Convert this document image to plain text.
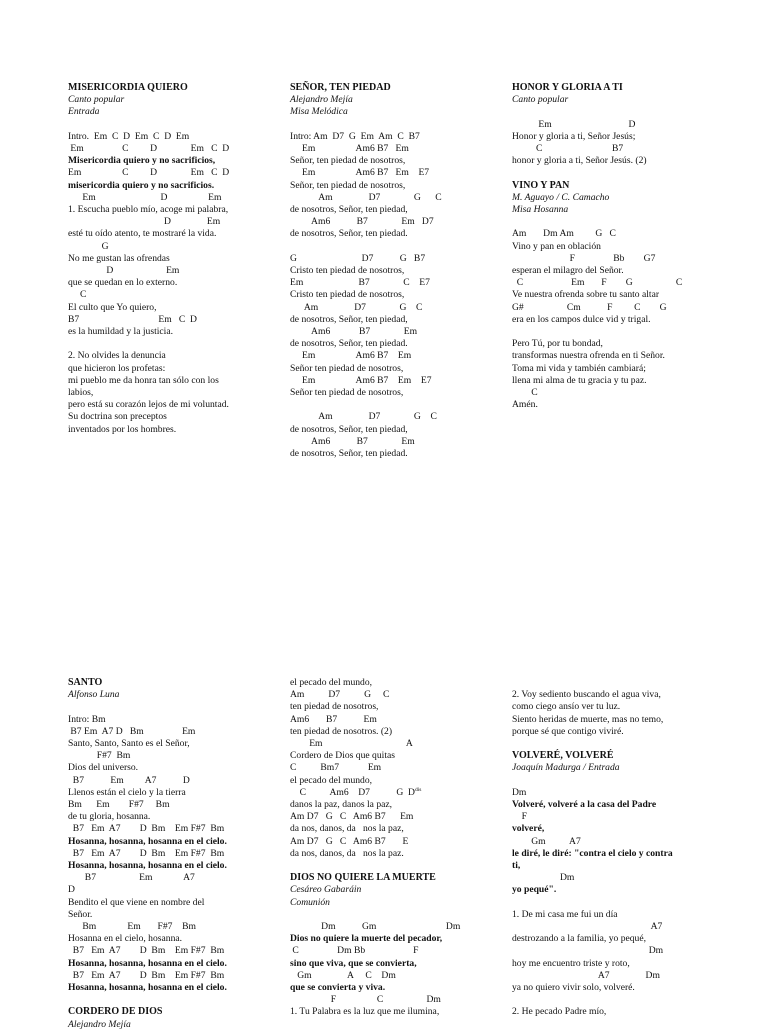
MISERICORDIA QUIERO
Canto popular
Entrada
Intro.  Em  C  D  Em  C  D  Em
Em                C         D              Em   C  D
Misericordia quiero y no sacrificios,
Em                 C         D              Em   C  D
misericordia quiero y no sacrificios.
Em                           D                 Em
1. Escucha pueblo mío, acoge mi palabra,
D               Em
esté tu oído atento, te mostraré la vida.
G
No me gustan las ofrendas
D                      Em
que se quedan en lo externo.
C
El culto que Yo quiero,
B7                                 Em   C  D
es la humildad y la justicia.
2. No olvides la denuncia
que hicieron los profetas:
mi pueblo me da honra tan sólo con los
labios,
pero está su corazón lejos de mi voluntad.
Su doctrina son preceptos
inventados por los hombres.
SEÑOR, TEN PIEDAD
Alejandro Mejía
Misa Melódica
Intro: Am  D7  G  Em  Am  C  B7
Em                 Am6 B7   Em
Señor, ten piedad de nosotros,
Em                 Am6 B7   Em    E7
Señor, ten piedad de nosotros,
Am               D7              G      C
de nosotros, Señor, ten piedad,
Am6           B7              Em   D7
de nosotros, Señor, ten piedad.
G                           D7           G   B7
Cristo ten piedad de nosotros,
Em                       B7              C    E7
Cristo ten piedad de nosotros,
Am               D7              G    C
de nosotros, Señor, ten piedad,
Am6            B7              Em
de nosotros, Señor, ten piedad.
Em                 Am6 B7    Em
Señor ten piedad de nosotros,
Em                 Am6 B7    Em    E7
Señor ten piedad de nosotros,
Am               D7              G    C
de nosotros, Señor, ten piedad,
Am6           B7              Em
de nosotros, Señor, ten piedad.
HONOR Y GLORIA A TI
Canto popular
Em                                D
Honor y gloria a ti, Señor Jesús;
C                             B7
honor y gloria a ti, Señor Jesús. (2)
VINO Y PAN
M. Aguayo / C. Camacho
Misa Hosanna
Am       Dm Am         G   C
Vino y pan en oblación
F                Bb        G7
esperan el milagro del Señor.
C                    Em       F        G                  C
Ve nuestra ofrenda sobre tu santo altar
G#                  Cm           F         C        G
era en los campos dulce vid y trigal.
Pero Tú, por tu bondad,
transformas nuestra ofrenda en ti Señor.
Toma mi vida y también cambiará;
llena mi alma de tu gracia y tu paz.
C
Amén.
SANTO
Alfonso Luna
Intro: Bm
B7 Em  A7 D   Bm                Em
Santo, Santo, Santo es el Señor,
F#7  Bm
Dios del universo.
B7           Em         A7           D
Llenos están el cielo y la tierra
Bm      Em        F#7     Bm
de tu gloria, hosanna.
B7   Em  A7        D  Bm    Em F#7  Bm
Hosanna, hosanna, hosanna en el cielo.
B7   Em  A7        D  Bm    Em F#7  Bm
Hosanna, hosanna, hosanna en el cielo.
B7                  Em             A7
D
Bendito el que viene en nombre del
Señor.
Bm             Em       F#7    Bm
Hosanna en el cielo, hosanna.
B7   Em  A7        D  Bm    Em F#7  Bm
Hosanna, hosanna, hosanna en el cielo.
B7   Em  A7        D  Bm    Em F#7  Bm
Hosanna, hosanna, hosanna en el cielo.
CORDERO DE DIOS
Alejandro Mejía
el pecado del mundo,
Am          D7          G     C
ten piedad de nosotros,
Am6       B7           Em
ten piedad de nosotros. (2)
Em                                   A
Cordero de Dios que quitas
C          Bm7            Em
el pecado del mundo,
C          Am6    D7           G  $D^{dis}$
danos la paz, danos la paz,
Am D7   G   C   Am6 B7      Em
da nos, danos, da   nos la paz,
Am D7   G   C   Am6 B7       E
da nos, danos, da   nos la paz.
DIOS NO QUIERE LA MUERTE
Cesáreo Gabaráin
Comunión
Dm           Gm                             Dm
Dios no quiere la muerte del pecador,
C                Dm Bb                    F
sino que viva, que se convierta,
Gm               A     C    Dm
que se convierta y viva.
F                 C                  Dm
1. Tu Palabra es la luz que me ilumina,
2. Voy sediento buscando el agua viva,
como ciego ansío ver tu luz.
Siento heridas de muerte, mas no temo,
porque sé que contigo viviré.
VOLVERÉ, VOLVERÉ
Joaquín Madurga / Entrada
Dm
Volveré, volveré a la casa del Padre
F
volveré,
Gm          A7
le diré, le diré: "contra el cielo y contra
ti,
Dm
yo pequé".
1. De mi casa me fui un día
A7
destrozando a la familia, yo pequé,
Dm
hoy me encuentro triste y roto,
A7               Dm
ya no quiero vivir solo, volveré.
2. He pecado Padre mío,
